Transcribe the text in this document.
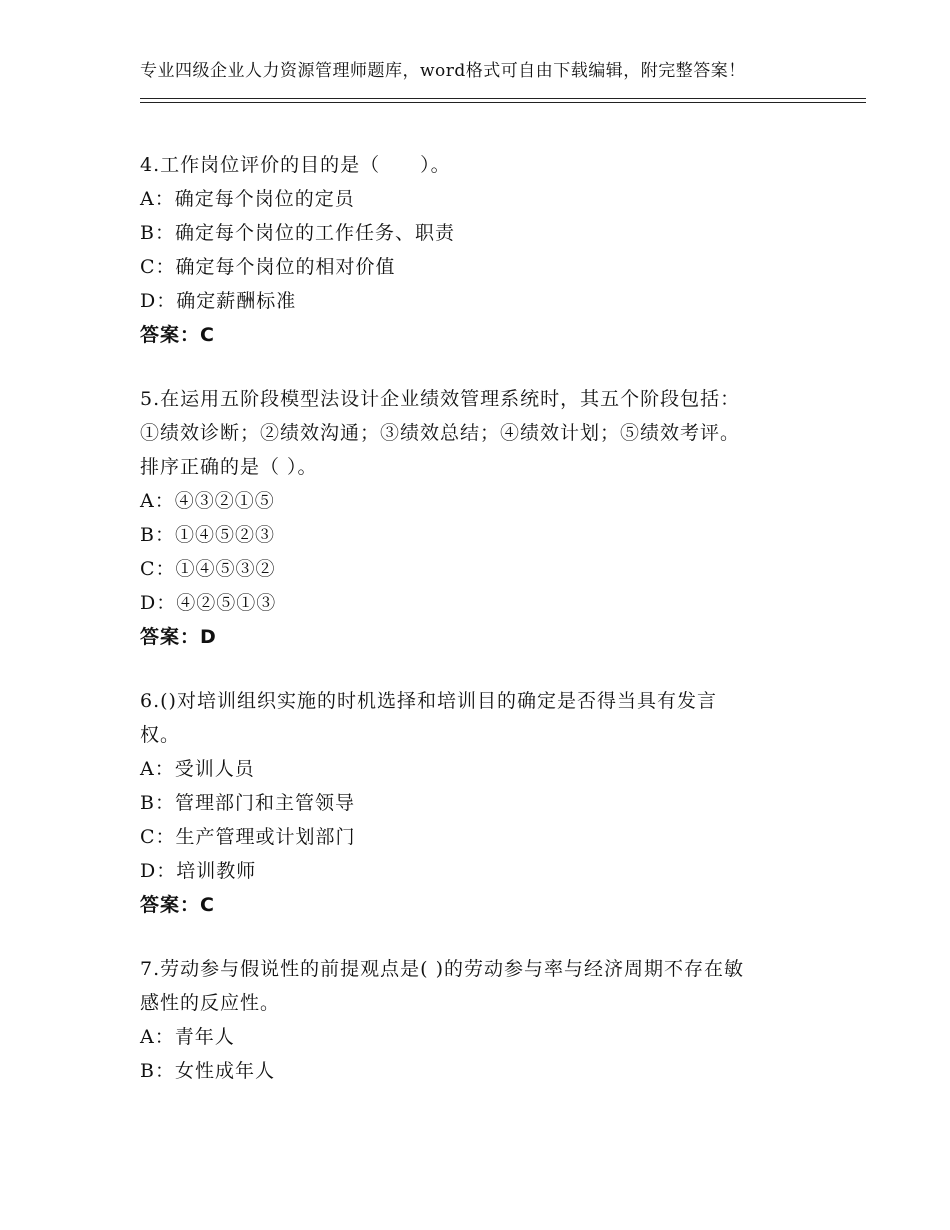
专业四级企业人力资源管理师题库，word格式可自由下载编辑，附完整答案！
4.工作岗位评价的目的是（　　）。
A：确定每个岗位的定员
B：确定每个岗位的工作任务、职责
C：确定每个岗位的相对价值
D：确定薪酬标准
答案：C
5.在运用五阶段模型法设计企业绩效管理系统时，其五个阶段包括：
①绩效诊断；②绩效沟通；③绩效总结；④绩效计划；⑤绩效考评。
排序正确的是（ ）。
A：④③②①⑤
B：①④⑤②③
C：①④⑤③②
D：④②⑤①③
答案：D
6.()对培训组织实施的时机选择和培训目的确定是否得当具有发言
权。
A：受训人员
B：管理部门和主管领导
C：生产管理或计划部门
D：培训教师
答案：C
7.劳动参与假说性的前提观点是( )的劳动参与率与经济周期不存在敏
感性的反应性。
A：青年人
B：女性成年人
